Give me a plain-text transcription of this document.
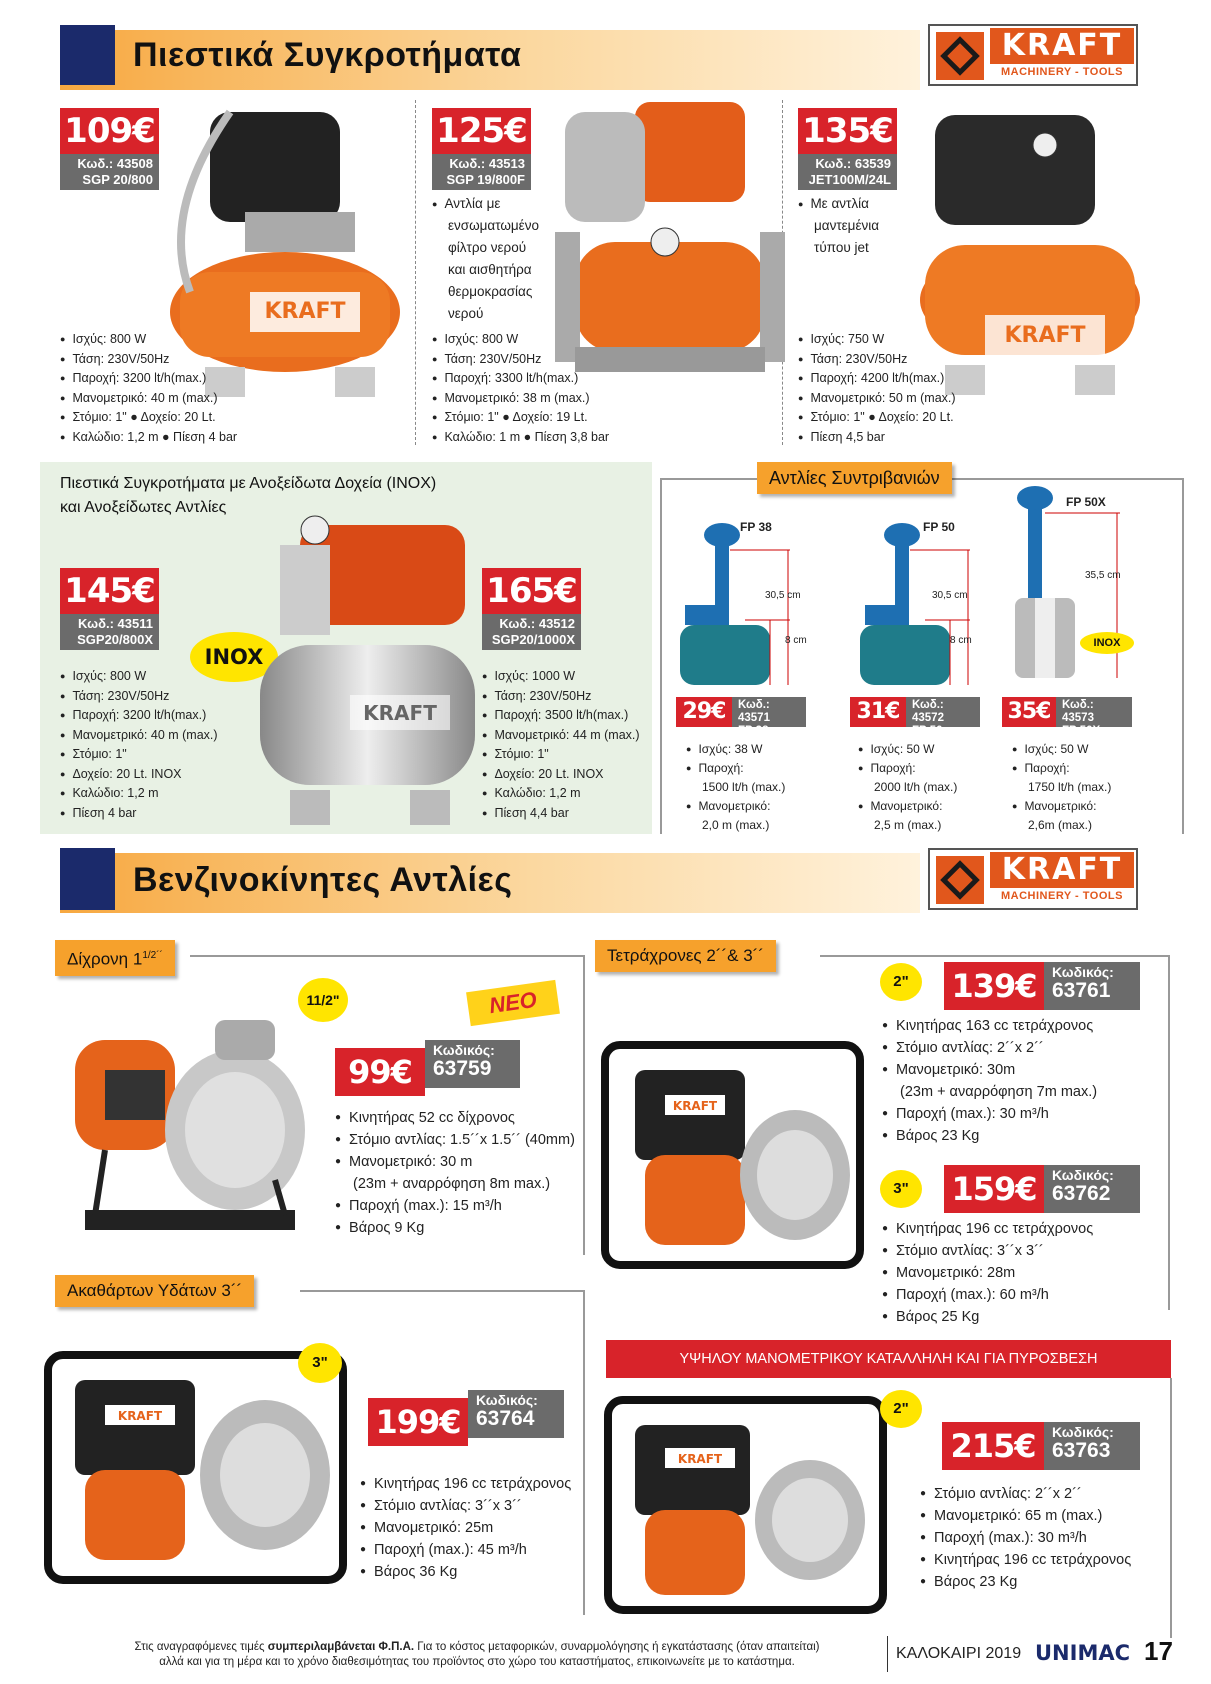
Πιεστικά Συγκροτήματα	KRAFT
MACHINERY - TOOLS
109€
Κωδ.: 43508
SGP 20/800
KRAFT
● Ισχύς: 800 W
● Τάση: 230V/50Hz
● Παροχή: 3200 lt/h(max.)
● Μανομετρικό: 40 m (max.)
● Στόμιο: 1" ● Δοχείο: 20 Lt.
● Καλώδιο: 1,2 m ● Πίεση 4 bar
125€
Κωδ.: 43513
SGP 19/800F
● Αντλία με
ενσωματωμένο
φίλτρο νερού
και αισθητήρα
θερμοκρασίας
νερού
● Ισχύς: 800 W
● Τάση: 230V/50Hz
● Παροχή: 3300 lt/h(max.)
● Μανομετρικό: 38 m (max.)
● Στόμιο: 1" ● Δοχείο: 19 Lt.
● Καλώδιο: 1 m ● Πίεση 3,8 bar
135€
Κωδ.: 63539
JET100M/24L
● Με αντλία
μαντεμένια
τύπου jet
KRAFT
● Ισχύς: 750 W
● Τάση: 230V/50Hz
● Παροχή: 4200 lt/h(max.)
● Μανομετρικό: 50 m (max.)
● Στόμιο: 1" ● Δοχείο: 20 Lt.
● Πίεση 4,5 bar
Πιεστικά Συγκροτήματα με Ανοξείδωτα Δοχεία (INOX)
και Ανοξείδωτες Αντλίες
145€
Κωδ.: 43511
SGP20/800X
● Ισχύς: 800 W
● Τάση: 230V/50Hz
● Παροχή: 3200 lt/h(max.)
● Μανομετρικό: 40 m (max.)
● Στόμιο: 1"
● Δοχείο: 20 Lt. INOX
● Καλώδιο: 1,2 m
● Πίεση 4 bar
INOX
KRAFT
165€
Κωδ.: 43512
SGP20/1000X
● Ισχύς: 1000 W
● Τάση: 230V/50Hz
● Παροχή: 3500 lt/h(max.)
● Μανομετρικό: 44 m (max.)
● Στόμιο: 1"
● Δοχείο: 20 Lt. INOX
● Καλώδιο: 1,2 m
● Πίεση 4,4 bar
Αντλίες Συντριβανιών
FP 38
30,5 cm
8 cm
29€	Κωδ.: 43571
FP 38
● Ισχύς: 38 W
● Παροχή:
1500 lt/h (max.)
● Μανομετρικό:
2,0 m (max.)
FP 50
30,5 cm
8 cm
31€	Κωδ.: 43572
FP 50
● Ισχύς: 50 W
● Παροχή:
2000 lt/h (max.)
● Μανομετρικό:
2,5 m (max.)
FP 50X
35,5 cm
INOX
35€	Κωδ.: 43573
FP 50X
● Ισχύς: 50 W
● Παροχή:
1750 lt/h (max.)
● Μανομετρικό:
2,6m (max.)
Βενζινοκίνητες Αντλίες	KRAFT
MACHINERY - TOOLS
Δίχρονη $1^{1/2´´}$
11/2"	ΝΕΟ
99€
Κωδικός:
63759
● Κινητήρας 52 cc δίχρονος
● Στόμιο αντλίας: 1.5´´x 1.5´´ (40mm)
● Μανομετρικό: 30 m
(23m + αναρρόφηση 8m max.)
● Παροχή (max.): 15 m³/h
● Βάρος 9 Kg
Τετράχρονες 2´´& 3´´
KRAFT
2"	139€	Κωδικός:
63761
● Κινητήρας 163 cc τετράχρονος
● Στόμιο αντλίας: 2´´x 2´´
● Μανομετρικό: 30m
(23m + αναρρόφηση 7m max.)
● Παροχή (max.): 30 m³/h
● Βάρος 23 Kg
3"	159€	Κωδικός:
63762
● Κινητήρας 196 cc τετράχρονος
● Στόμιο αντλίας: 3´´x 3´´
● Μανομετρικό: 28m
● Παροχή (max.): 60 m³/h
● Βάρος 25 Kg
Ακαθάρτων Υδάτων 3´´
KRAFT
3"
199€
Κωδικός:
63764
● Κινητήρας 196 cc τετράχρονος
● Στόμιο αντλίας: 3´´x 3´´
● Μανομετρικό: 25m
● Παροχή (max.): 45 m³/h
● Βάρος 36 Kg
ΥΨΗΛΟΥ ΜΑΝΟΜΕΤΡΙΚΟΥ ΚΑΤΑΛΛΗΛΗ ΚΑΙ ΓΙΑ ΠΥΡΟΣΒΕΣΗ
KRAFT
2"
215€	Κωδικός:
63763
● Στόμιο αντλίας: 2´´x 2´´
● Μανομετρικό: 65 m (max.)
● Παροχή (max.): 30 m³/h
● Κινητήρας 196 cc τετράχρονος
● Βάρος 23 Kg
Στις αναγραφόμενες τιμές συμπεριλαμβάνεται Φ.Π.Α. Για το κόστος μεταφορικών, συναρμολόγησης ή εγκατάστασης (όταν απαιτείται)
αλλά και για τη μέρα και το χρόνο διαθεσιμότητας του προϊόντος στο χώρο του καταστήματος, επικοινωνείτε με το κατάστημα.	ΚΑΛΟΚΑΙΡΙ 2019 UNIMAC 17
